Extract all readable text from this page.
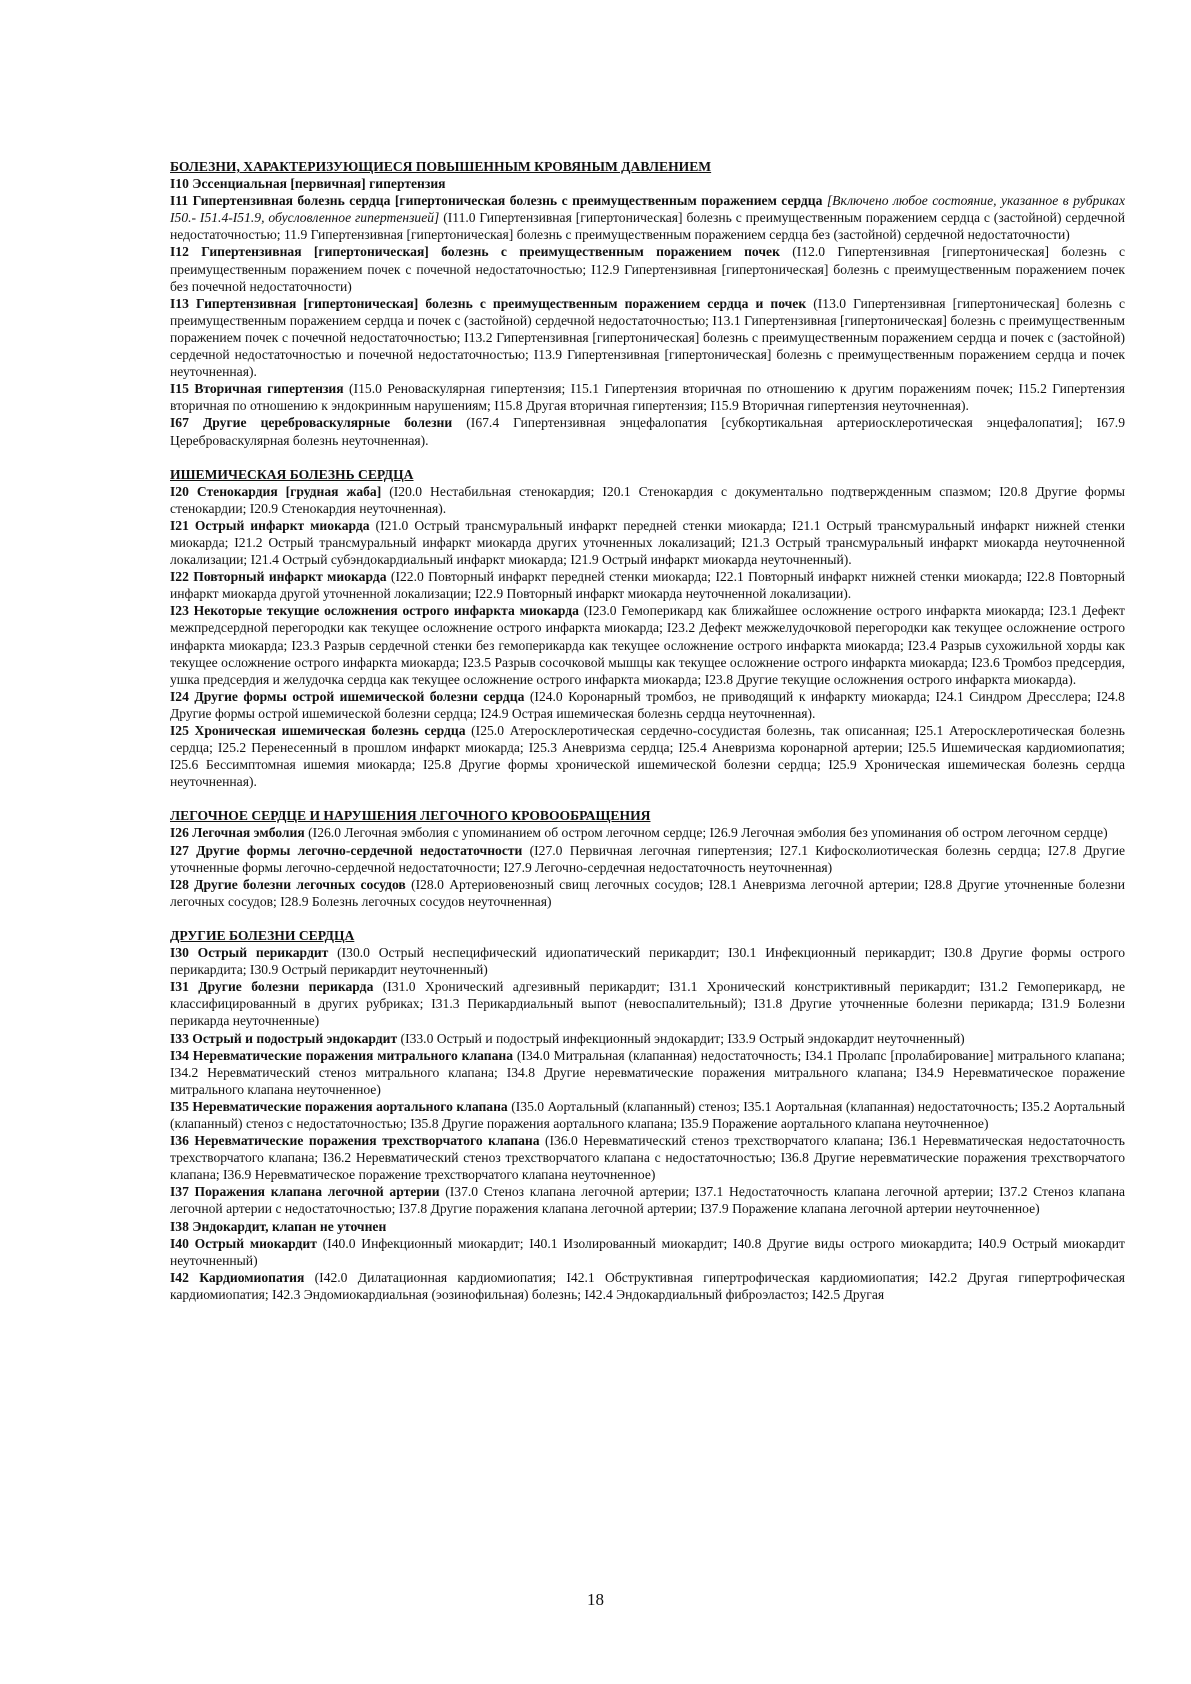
БОЛЕЗНИ, ХАРАКТЕРИЗУЮЩИЕСЯ ПОВЫШЕННЫМ КРОВЯНЫМ ДАВЛЕНИЕМ

I10 Эссенциальная [первичная] гипертензия

I11 Гипертензивная болезнь сердца [гипертоническая болезнь с преимущественным поражением сердца [Включено любое состояние, указанное в рубриках I50.- I51.4-I51.9, обусловленное гипертензией] (I11.0 Гипертензивная [гипертоническая] болезнь с преимущественным поражением сердца с (застойной) сердечной недостаточностью; 11.9 Гипертензивная [гипертоническая] болезнь с преимущественным поражением сердца без (застойной) сердечной недостаточности)

I12 Гипертензивная [гипертоническая] болезнь с преимущественным поражением почек (I12.0 Гипертензивная [гипертоническая] болезнь с преимущественным поражением почек с почечной недостаточностью; I12.9 Гипертензивная [гипертоническая] болезнь с преимущественным поражением почек без почечной недостаточности)

I13 Гипертензивная [гипертоническая] болезнь с преимущественным поражением сердца и почек (I13.0 Гипертензивная [гипертоническая] болезнь с преимущественным поражением сердца и почек с (застойной) сердечной недостаточностью; I13.1 Гипертензивная [гипертоническая] болезнь с преимущественным поражением почек с почечной недостаточностью; I13.2 Гипертензивная [гипертоническая] болезнь с преимущественным поражением сердца и почек с (застойной) сердечной недостаточностью и почечной недостаточностью; I13.9 Гипертензивная [гипертоническая] болезнь с преимущественным поражением сердца и почек неуточненная).

I15 Вторичная гипертензия (I15.0 Реноваскулярная гипертензия; I15.1 Гипертензия вторичная по отношению к другим поражениям почек; I15.2 Гипертензия вторичная по отношению к эндокринным нарушениям; I15.8 Другая вторичная гипертензия; I15.9 Вторичная гипертензия неуточненная).

I67 Другие цереброваскулярные болезни (I67.4 Гипертензивная энцефалопатия [субкортикальная артериосклеротическая энцефалопатия]; I67.9 Цереброваскулярная болезнь неуточненная).

ИШЕМИЧЕСКАЯ БОЛЕЗНЬ СЕРДЦА

I20 Стенокардия [грудная жаба] (I20.0 Нестабильная стенокардия; I20.1 Стенокардия с документально подтвержденным спазмом; I20.8 Другие формы стенокардии; I20.9 Стенокардия неуточненная).

I21 Острый инфаркт миокарда (I21.0 Острый трансмуральный инфаркт передней стенки миокарда; I21.1 Острый трансмуральный инфаркт нижней стенки миокарда; I21.2 Острый трансмуральный инфаркт миокарда других уточненных локализаций; I21.3 Острый трансмуральный инфаркт миокарда неуточненной локализации; I21.4 Острый субэндокардиальный инфаркт миокарда; I21.9 Острый инфаркт миокарда неуточненный).

I22 Повторный инфаркт миокарда (I22.0 Повторный инфаркт передней стенки миокарда; I22.1 Повторный инфаркт нижней стенки миокарда; I22.8 Повторный инфаркт миокарда другой уточненной локализации; I22.9 Повторный инфаркт миокарда неуточненной локализации).

I23 Некоторые текущие осложнения острого инфаркта миокарда (I23.0 Гемоперикард как ближайшее осложнение острого инфаркта миокарда; I23.1 Дефект межпредсердной перегородки как текущее осложнение острого инфаркта миокарда; I23.2 Дефект межжелудочковой перегородки как текущее осложнение острого инфаркта миокарда; I23.3 Разрыв сердечной стенки без гемоперикарда как текущее осложнение острого инфаркта миокарда; I23.4 Разрыв сухожильной хорды как текущее осложнение острого инфаркта миокарда; I23.5 Разрыв сосочковой мышцы как текущее осложнение острого инфаркта миокарда; I23.6 Тромбоз предсердия, ушка предсердия и желудочка сердца как текущее осложнение острого инфаркта миокарда; I23.8 Другие текущие осложнения острого инфаркта миокарда).

I24 Другие формы острой ишемической болезни сердца (I24.0 Коронарный тромбоз, не приводящий к инфаркту миокарда; I24.1 Синдром Дресслера; I24.8 Другие формы острой ишемической болезни сердца; I24.9 Острая ишемическая болезнь сердца неуточненная).

I25 Хроническая ишемическая болезнь сердца (I25.0 Атеросклеротическая сердечно-сосудистая болезнь, так описанная; I25.1 Атеросклеротическая болезнь сердца; I25.2 Перенесенный в прошлом инфаркт миокарда; I25.3 Аневризма сердца; I25.4 Аневризма коронарной артерии; I25.5 Ишемическая кардиомиопатия; I25.6 Бессимптомная ишемия миокарда; I25.8 Другие формы хронической ишемической болезни сердца; I25.9 Хроническая ишемическая болезнь сердца неуточненная).

ЛЕГОЧНОЕ СЕРДЦЕ И НАРУШЕНИЯ ЛЕГОЧНОГО КРОВООБРАЩЕНИЯ

I26 Легочная эмболия (I26.0 Легочная эмболия с упоминанием об остром легочном сердце; I26.9 Легочная эмболия без упоминания об остром легочном сердце)

I27 Другие формы легочно-сердечной недостаточности (I27.0 Первичная легочная гипертензия; I27.1 Кифосколиотическая болезнь сердца; I27.8 Другие уточненные формы легочно-сердечной недостаточности; I27.9 Легочно-сердечная недостаточность неуточненная)

I28 Другие болезни легочных сосудов (I28.0 Артериовенозный свищ легочных сосудов; I28.1 Аневризма легочной артерии; I28.8 Другие уточненные болезни легочных сосудов; I28.9 Болезнь легочных сосудов неуточненная)

ДРУГИЕ БОЛЕЗНИ СЕРДЦА

I30 Острый перикардит (I30.0 Острый неспецифический идиопатический перикардит; I30.1 Инфекционный перикардит; I30.8 Другие формы острого перикардита; I30.9 Острый перикардит неуточненный)

I31 Другие болезни перикарда (I31.0 Хронический адгезивный перикардит; I31.1 Хронический констриктивный перикардит; I31.2 Гемоперикард, не классифицированный в других рубриках; I31.3 Перикардиальный выпот (невоспалительный); I31.8 Другие уточненные болезни перикарда; I31.9 Болезни перикарда неуточненные)

I33 Острый и подострый эндокардит (I33.0 Острый и подострый инфекционный эндокардит; I33.9 Острый эндокардит неуточненный)

I34 Неревматические поражения митрального клапана (I34.0 Митральная (клапанная) недостаточность; I34.1 Пролапс [пролабирование] митрального клапана; I34.2 Неревматический стеноз митрального клапана; I34.8 Другие неревматические поражения митрального клапана; I34.9 Неревматическое поражение митрального клапана неуточненное)

I35 Неревматические поражения аортального клапана (I35.0 Аортальный (клапанный) стеноз; I35.1 Аортальная (клапанная) недостаточность; I35.2 Аортальный (клапанный) стеноз с недостаточностью; I35.8 Другие поражения аортального клапана; I35.9 Поражение аортального клапана неуточненное)

I36 Неревматические поражения трехстворчатого клапана (I36.0 Неревматический стеноз трехстворчатого клапана; I36.1 Неревматическая недостаточность трехстворчатого клапана; I36.2 Неревматический стеноз трехстворчатого клапана с недостаточностью; I36.8 Другие неревматические поражения трехстворчатого клапана; I36.9 Неревматическое поражение трехстворчатого клапана неуточненное)

I37 Поражения клапана легочной артерии (I37.0 Стеноз клапана легочной артерии; I37.1 Недостаточность клапана легочной артерии; I37.2 Стеноз клапана легочной артерии с недостаточностью; I37.8 Другие поражения клапана легочной артерии; I37.9 Поражение клапана легочной артерии неуточненное)

I38 Эндокардит, клапан не уточнен

I40 Острый миокардит (I40.0 Инфекционный миокардит; I40.1 Изолированный миокардит; I40.8 Другие виды острого миокардита; I40.9 Острый миокардит неуточненный)

I42 Кардиомиопатия (I42.0 Дилатационная кардиомиопатия; I42.1 Обструктивная гипертрофическая кардиомиопатия; I42.2 Другая гипертрофическая кардиомиопатия; I42.3 Эндомиокардиальная (эозинофильная) болезнь; I42.4 Эндокардиальный фиброэластоз; I42.5 Другая

18
